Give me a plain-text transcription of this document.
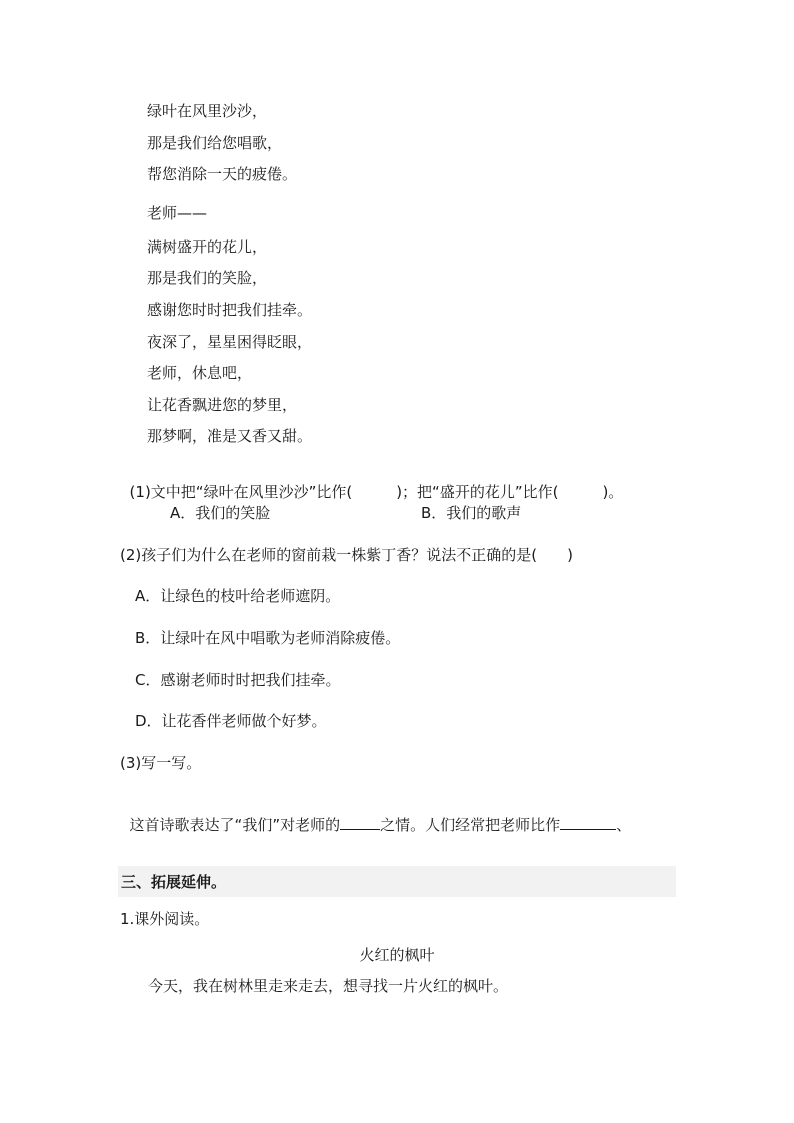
绿叶在风里沙沙，
那是我们给您唱歌，
帮您消除一天的疲倦。
老师——
满树盛开的花儿，
那是我们的笑脸，
感谢您时时把我们挂牵。
夜深了，星星困得眨眼，
老师，休息吧，
让花香飘进您的梦里，
那梦啊，准是又香又甜。

(1)文中把“绿叶在风里沙沙”比作(	)；把“盛开的花儿”比作(	)。

A．我们的笑脸	B．我们的歌声
(2)孩子们为什么在老师的窗前栽一株紫丁香？说法不正确的是(　　)
A．让绿色的枝叶给老师遮阴。
B．让绿叶在风中唱歌为老师消除疲倦。
C．感谢老师时时把我们挂牵。
D．让花香伴老师做个好梦。
(3)写一写。

这首诗歌表达了“我们”对老师的	之情。人们经常把老师比作	、

三、拓展延伸。
1.课外阅读。
火红的枫叶
今天，我在树林里走来走去，想寻找一片火红的枫叶。
